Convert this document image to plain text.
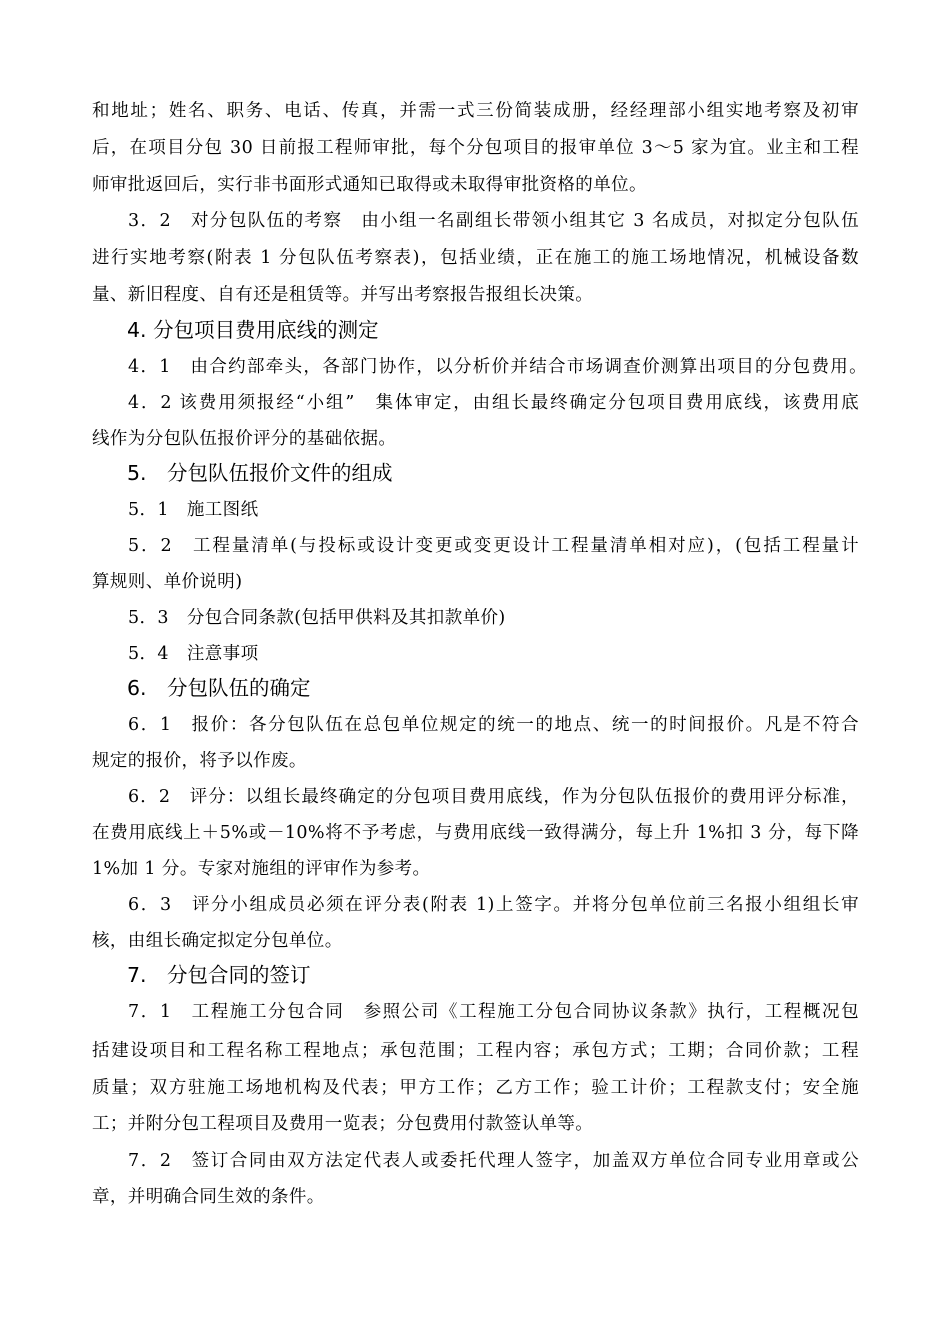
和地址；姓名、职务、电话、传真，并需一式三份简装成册，经经理部小组实地考察及初审
后，在项目分包 30 日前报工程师审批，每个分包项目的报审单位 3～5 家为宜。业主和工程
师审批返回后，实行非书面形式通知已取得或未取得审批资格的单位。
3．2　对分包队伍的考察　由小组一名副组长带领小组其它 3 名成员，对拟定分包队伍
进行实地考察(附表 1 分包队伍考察表)，包括业绩，正在施工的施工场地情况，机械设备数
量、新旧程度、自有还是租赁等。并写出考察报告报组长决策。
4. 分包项目费用底线的测定
4．1　由合约部牵头，各部门协作，以分析价并结合市场调查价测算出项目的分包费用。
4．2 该费用须报经“小组”　集体审定，由组长最终确定分包项目费用底线，该费用底
线作为分包队伍报价评分的基础依据。
5.　分包队伍报价文件的组成
5．1　施工图纸
5．2　工程量清单(与投标或设计变更或变更设计工程量清单相对应)，(包括工程量计
算规则、单价说明)
5．3　分包合同条款(包括甲供料及其扣款单价)
5．4　注意事项
6.　分包队伍的确定
6．1　报价：各分包队伍在总包单位规定的统一的地点、统一的时间报价。凡是不符合
规定的报价，将予以作废。
6．2　评分：以组长最终确定的分包项目费用底线，作为分包队伍报价的费用评分标准，
在费用底线上＋5%或－10%将不予考虑，与费用底线一致得满分，每上升 1%扣 3 分，每下降
1%加 1 分。专家对施组的评审作为参考。
6．3　评分小组成员必须在评分表(附表 1)上签字。并将分包单位前三名报小组组长审
核，由组长确定拟定分包单位。
7.　分包合同的签订
7．1　工程施工分包合同　参照公司《工程施工分包合同协议条款》执行，工程概况包
括建设项目和工程名称工程地点；承包范围；工程内容；承包方式；工期；合同价款；工程
质量；双方驻施工场地机构及代表；甲方工作；乙方工作；验工计价；工程款支付；安全施
工；并附分包工程项目及费用一览表；分包费用付款签认单等。
7．2　签订合同由双方法定代表人或委托代理人签字，加盖双方单位合同专业用章或公
章，并明确合同生效的条件。
